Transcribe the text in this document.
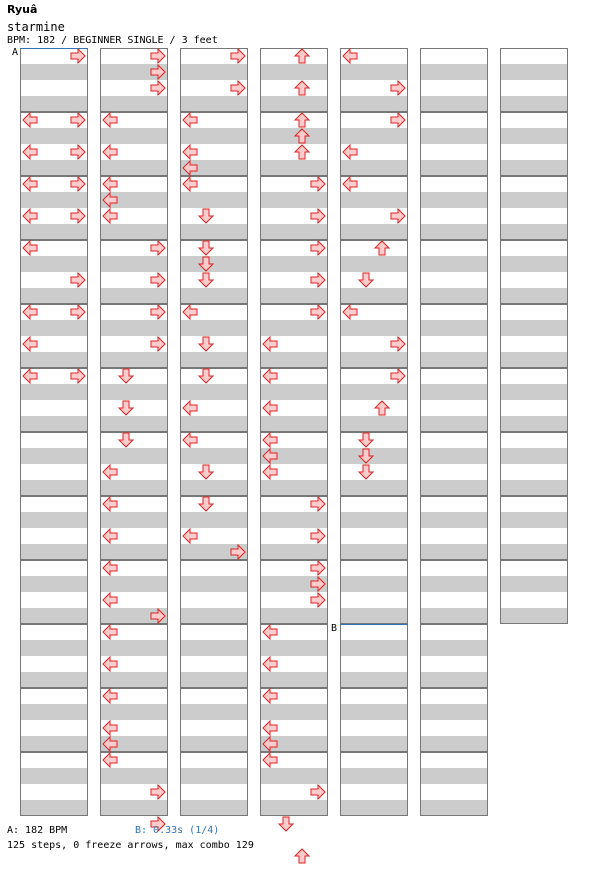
Ryuâ
starmine
BPM: 182 / BEGINNER SINGLE / 3 feet
A
B
A: 182 BPM	B: 0.33s (1/4)
125 steps, 0 freeze arrows, max combo 129
